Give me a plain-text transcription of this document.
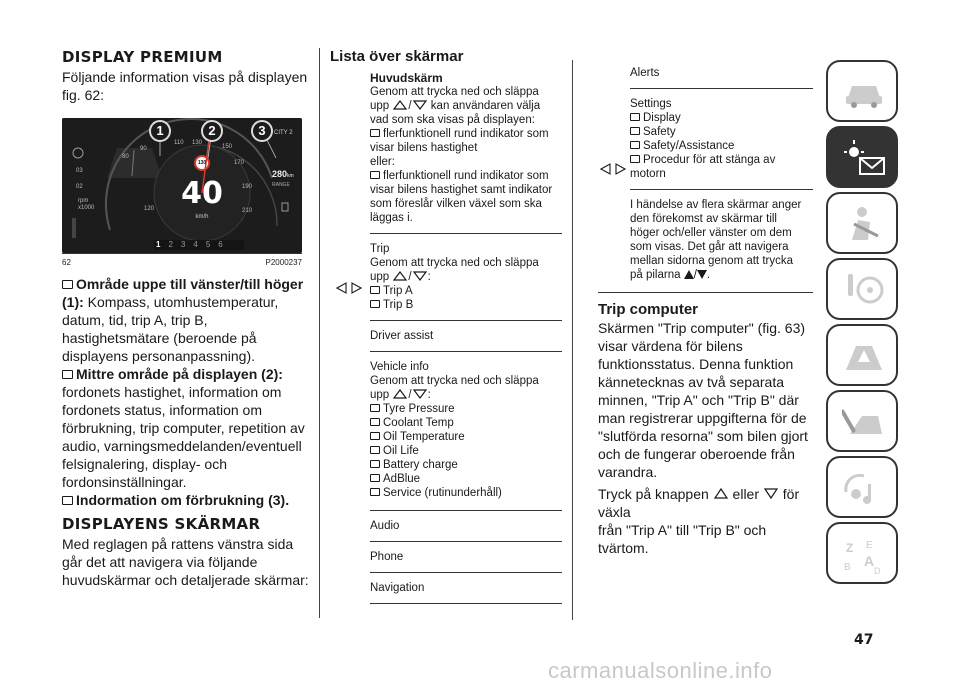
DISPLAY PREMIUM
Följande information visas på displayen
fig. 62:
1	2	3	CITY 2
80
90
110 130
150
170
190
210
120
03
02
130
40
km/h
280km
RANGE
rpm
x1000
1 2 3 4 5 6
62	P2000237
Område uppe till vänster/till höger (1): Kompass, utomhustemperatur, datum, tid, trip A, trip B, hastighetsmätare (beroende på displayens personanpassning).
Mittre område på displayen (2):
fordonets hastighet, information om fordonets status, information om förbrukning, trip computer, repetition av audio, varningsmeddelanden/eventuell felsignalering, display- och fordonsinställningar.
Indormation om förbrukning (3).
DISPLAYENS SKÄRMAR
Med reglagen på rattens vänstra sida går det att navigera via följande huvudskärmar och detaljerade skärmar:
Lista över skärmar
Huvudskärm
Genom att trycka ned och släppa
upp / kan användaren välja
vad som ska visas på displayen:
flerfunktionell rund indikator som visar bilens hastighet
eller:
flerfunktionell rund indikator som visar bilens hastighet samt indikator som föreslår vilken växel som ska läggas i.
Trip
Genom att trycka ned och släppa
upp / :
Trip A
Trip B
Driver assist
Vehicle info
Genom att trycka ned och släppa
upp / :
Tyre Pressure
Coolant Temp
Oil Temperature
Oil Life
Battery charge
AdBlue
Service (rutinunderhåll)
Audio
Phone
Navigation
Alerts
Settings
Display
Safety
Safety/Assistance
Procedur för att stänga av motorn
I händelse av flera skärmar anger
den förekomst av skärmar till
höger och/eller vänster om dem
som visas. Det går att navigera
mellan sidorna genom att trycka
på pilarna / .
Trip computer
Skärmen "Trip computer" (fig. 63) visar värdena för bilens funktionsstatus. Denna funktion kännetecknas av två separata minnen, "Trip A" och "Trip B" där man registrerar uppgifterna för de "slutförda resorna" som bilen gjort och de fungerar oberoende från varandra.
Tryck på knappen eller för växla
från "Trip A" till "Trip B" och tvärtom.	Z E
B A
D
47
carmanualsonline.info
